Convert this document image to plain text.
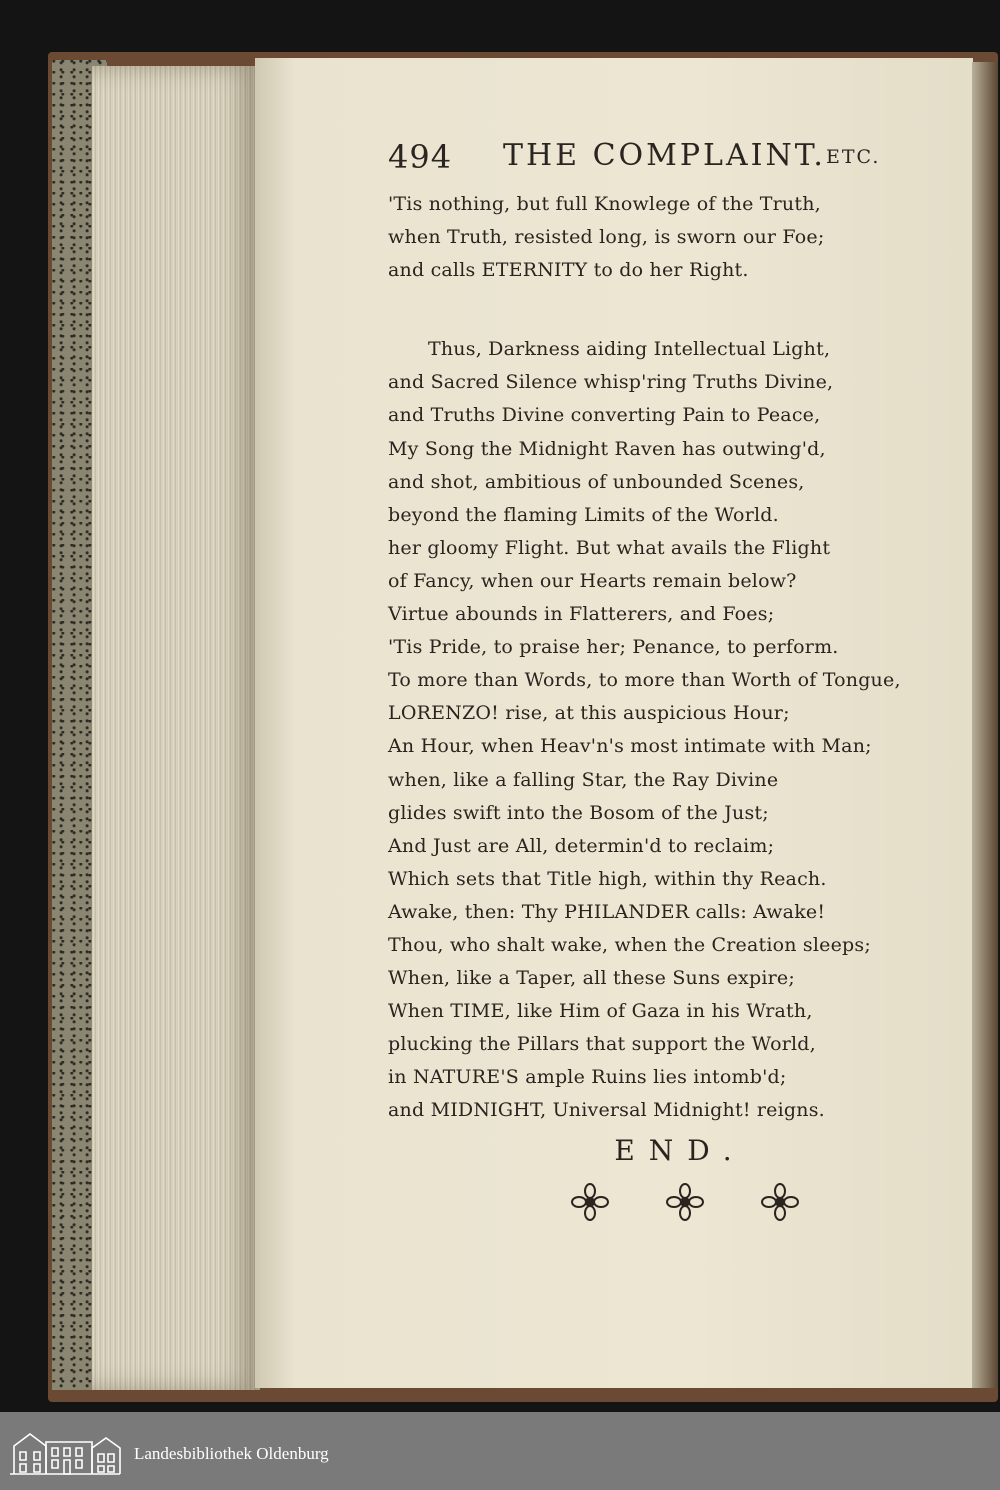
494 THE COMPLAINT. ETC.
'Tis nothing, but full Knowlege of the Truth,
when Truth, resisted long, is sworn our Foe;
and calls ETERNITY to do her Right.
Thus, Darkness aiding Intellectual Light,
and Sacred Silence whisp'ring Truths Divine,
and Truths Divine converting Pain to Peace,
My Song the Midnight Raven has outwing'd,
and shot, ambitious of unbounded Scenes,
beyond the flaming Limits of the World.
her gloomy Flight. But what avails the Flight
of Fancy, when our Hearts remain below?
Virtue abounds in Flatterers, and Foes;
'Tis Pride, to praise her; Penance, to perform.
To more than Words, to more than Worth of Tongue,
LORENZO! rise, at this auspicious Hour;
An Hour, when Heav'n's most intimate with Man;
when, like a falling Star, the Ray Divine
glides swift into the Bosom of the Just;
And Just are All, determin'd to reclaim;
Which sets that Title high, within thy Reach.
Awake, then: Thy PHILANDER calls: Awake!
Thou, who shalt wake, when the Creation sleeps;
When, like a Taper, all these Suns expire;
When TIME, like Him of Gaza in his Wrath,
plucking the Pillars that support the World,
in NATURE'S ample Ruins lies intomb'd;
and MIDNIGHT, Universal Midnight! reigns.
END.
Landesbibliothek Oldenburg
